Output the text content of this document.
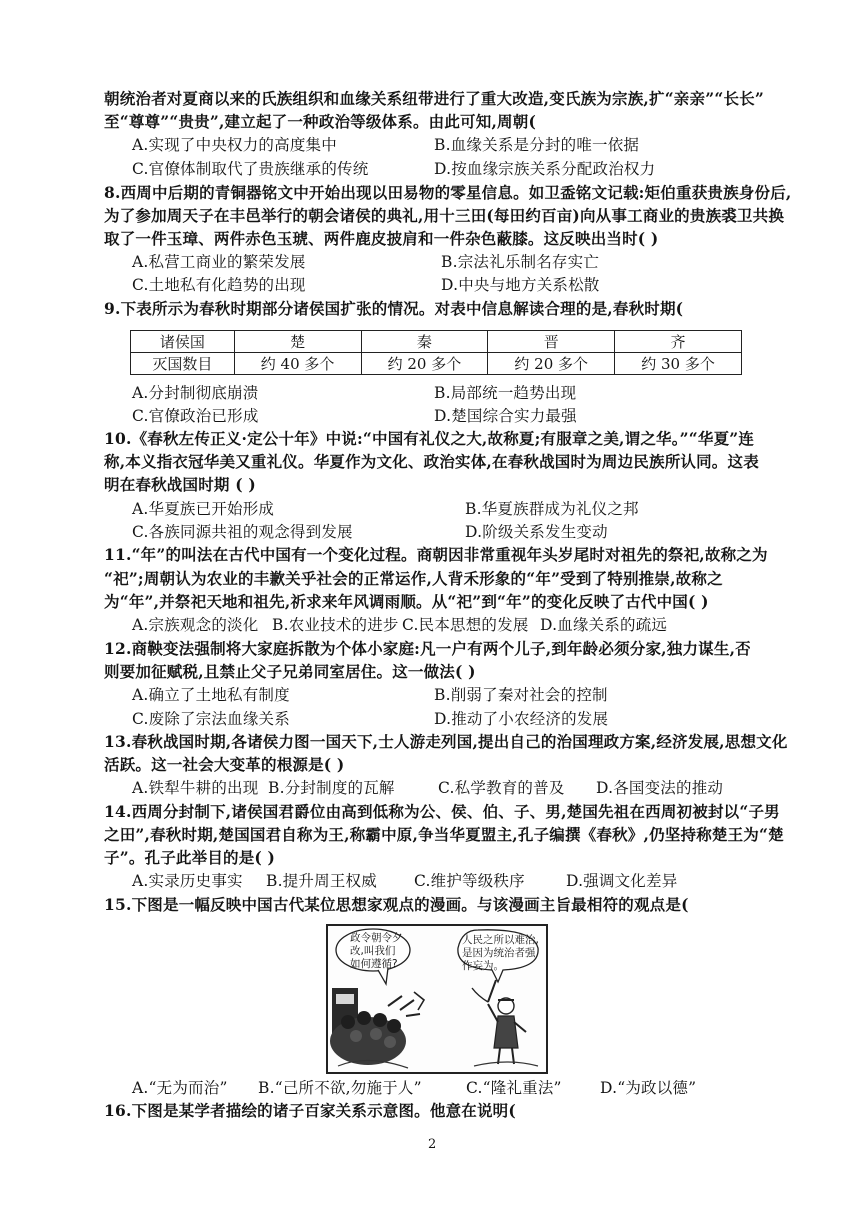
朝统治者对夏商以来的氏族组织和血缘关系纽带进行了重大改造,变氏族为宗族,扩“亲亲”“长长”
至“尊尊”“贵贵”,建立起了一种政治等级体系。由此可知,周朝(
A.实现了中央权力的高度集中	B.血缘关系是分封的唯一依据
C.官僚体制取代了贵族继承的传统	D.按血缘宗族关系分配政治权力
8.西周中后期的青铜器铭文中开始出现以田易物的零星信息。如卫盉铭文记载:矩伯重获贵族身份后,
为了参加周天子在丰邑举行的朝会诸侯的典礼,用十三田(每田约百亩)向从事工商业的贵族裘卫共换
取了一件玉璋、两件赤色玉琥、两件鹿皮披肩和一件杂色蔽膝。这反映出当时( )
A.私营工商业的繁荣发展	B.宗法礼乐制名存实亡
C.土地私有化趋势的出现	D.中央与地方关系松散
9.下表所示为春秋时期部分诸侯国扩张的情况。对表中信息解读合理的是,春秋时期(
诸侯国	楚	秦	晋	齐
灭国数目	约 40 多个	约 20 多个	约 20 多个	约 30 多个
A.分封制彻底崩溃	B.局部统一趋势出现
C.官僚政治已形成	D.楚国综合实力最强
10.《春秋左传正义·定公十年》中说:“中国有礼仪之大,故称夏;有服章之美,谓之华。”“华夏”连
称,本义指衣冠华美又重礼仪。华夏作为文化、政治实体,在春秋战国时为周边民族所认同。这表
明在春秋战国时期 ( )
A.华夏族已开始形成	B.华夏族群成为礼仪之邦
C.各族同源共祖的观念得到发展	D.阶级关系发生变动
11.“年”的叫法在古代中国有一个变化过程。商朝因非常重视年头岁尾时对祖先的祭祀,故称之为
“祀”;周朝认为农业的丰歉关乎社会的正常运作,人背禾形象的“年”受到了特别推崇,故称之
为“年”,并祭祀天地和祖先,祈求来年风调雨顺。从“祀”到“年”的变化反映了古代中国( )
A.宗族观念的淡化 B.农业技术的进步 C.民本思想的发展 D.血缘关系的疏远
12.商鞅变法强制将大家庭拆散为个体小家庭:凡一户有两个儿子,到年龄必须分家,独力谋生,否
则要加征赋税,且禁止父子兄弟同室居住。这一做法( )
A.确立了土地私有制度	B.削弱了秦对社会的控制
C.废除了宗法血缘关系	D.推动了小农经济的发展
13.春秋战国时期,各诸侯力图一国天下,士人游走列国,提出自己的治国理政方案,经济发展,思想文化
活跃。这一社会大变革的根源是( )
A.铁犁牛耕的出现 B.分封制度的瓦解	C.私学教育的普及 D.各国变法的推动
14.西周分封制下,诸侯国君爵位由高到低称为公、侯、伯、子、男,楚国先祖在西周初被封以“子男
之田”,春秋时期,楚国国君自称为王,称霸中原,争当华夏盟主,孔子编撰《春秋》,仍坚持称楚王为“楚
子”。孔子此举目的是( )
A.实录历史事实 B.提升周王权威 C.维护等级秩序	D.强调文化差异
15.下图是一幅反映中国古代某位思想家观点的漫画。与该漫画主旨最相符的观点是(
政令朝令夕
改,叫我们
如何遵循?
人民之所以难治,
是因为统治者强
作妄为。
A.“无为而治” B.“己所不欲,勿施于人”	C.“隆礼重法” D.“为政以德”
16.下图是某学者描绘的诸子百家关系示意图。他意在说明(
2
